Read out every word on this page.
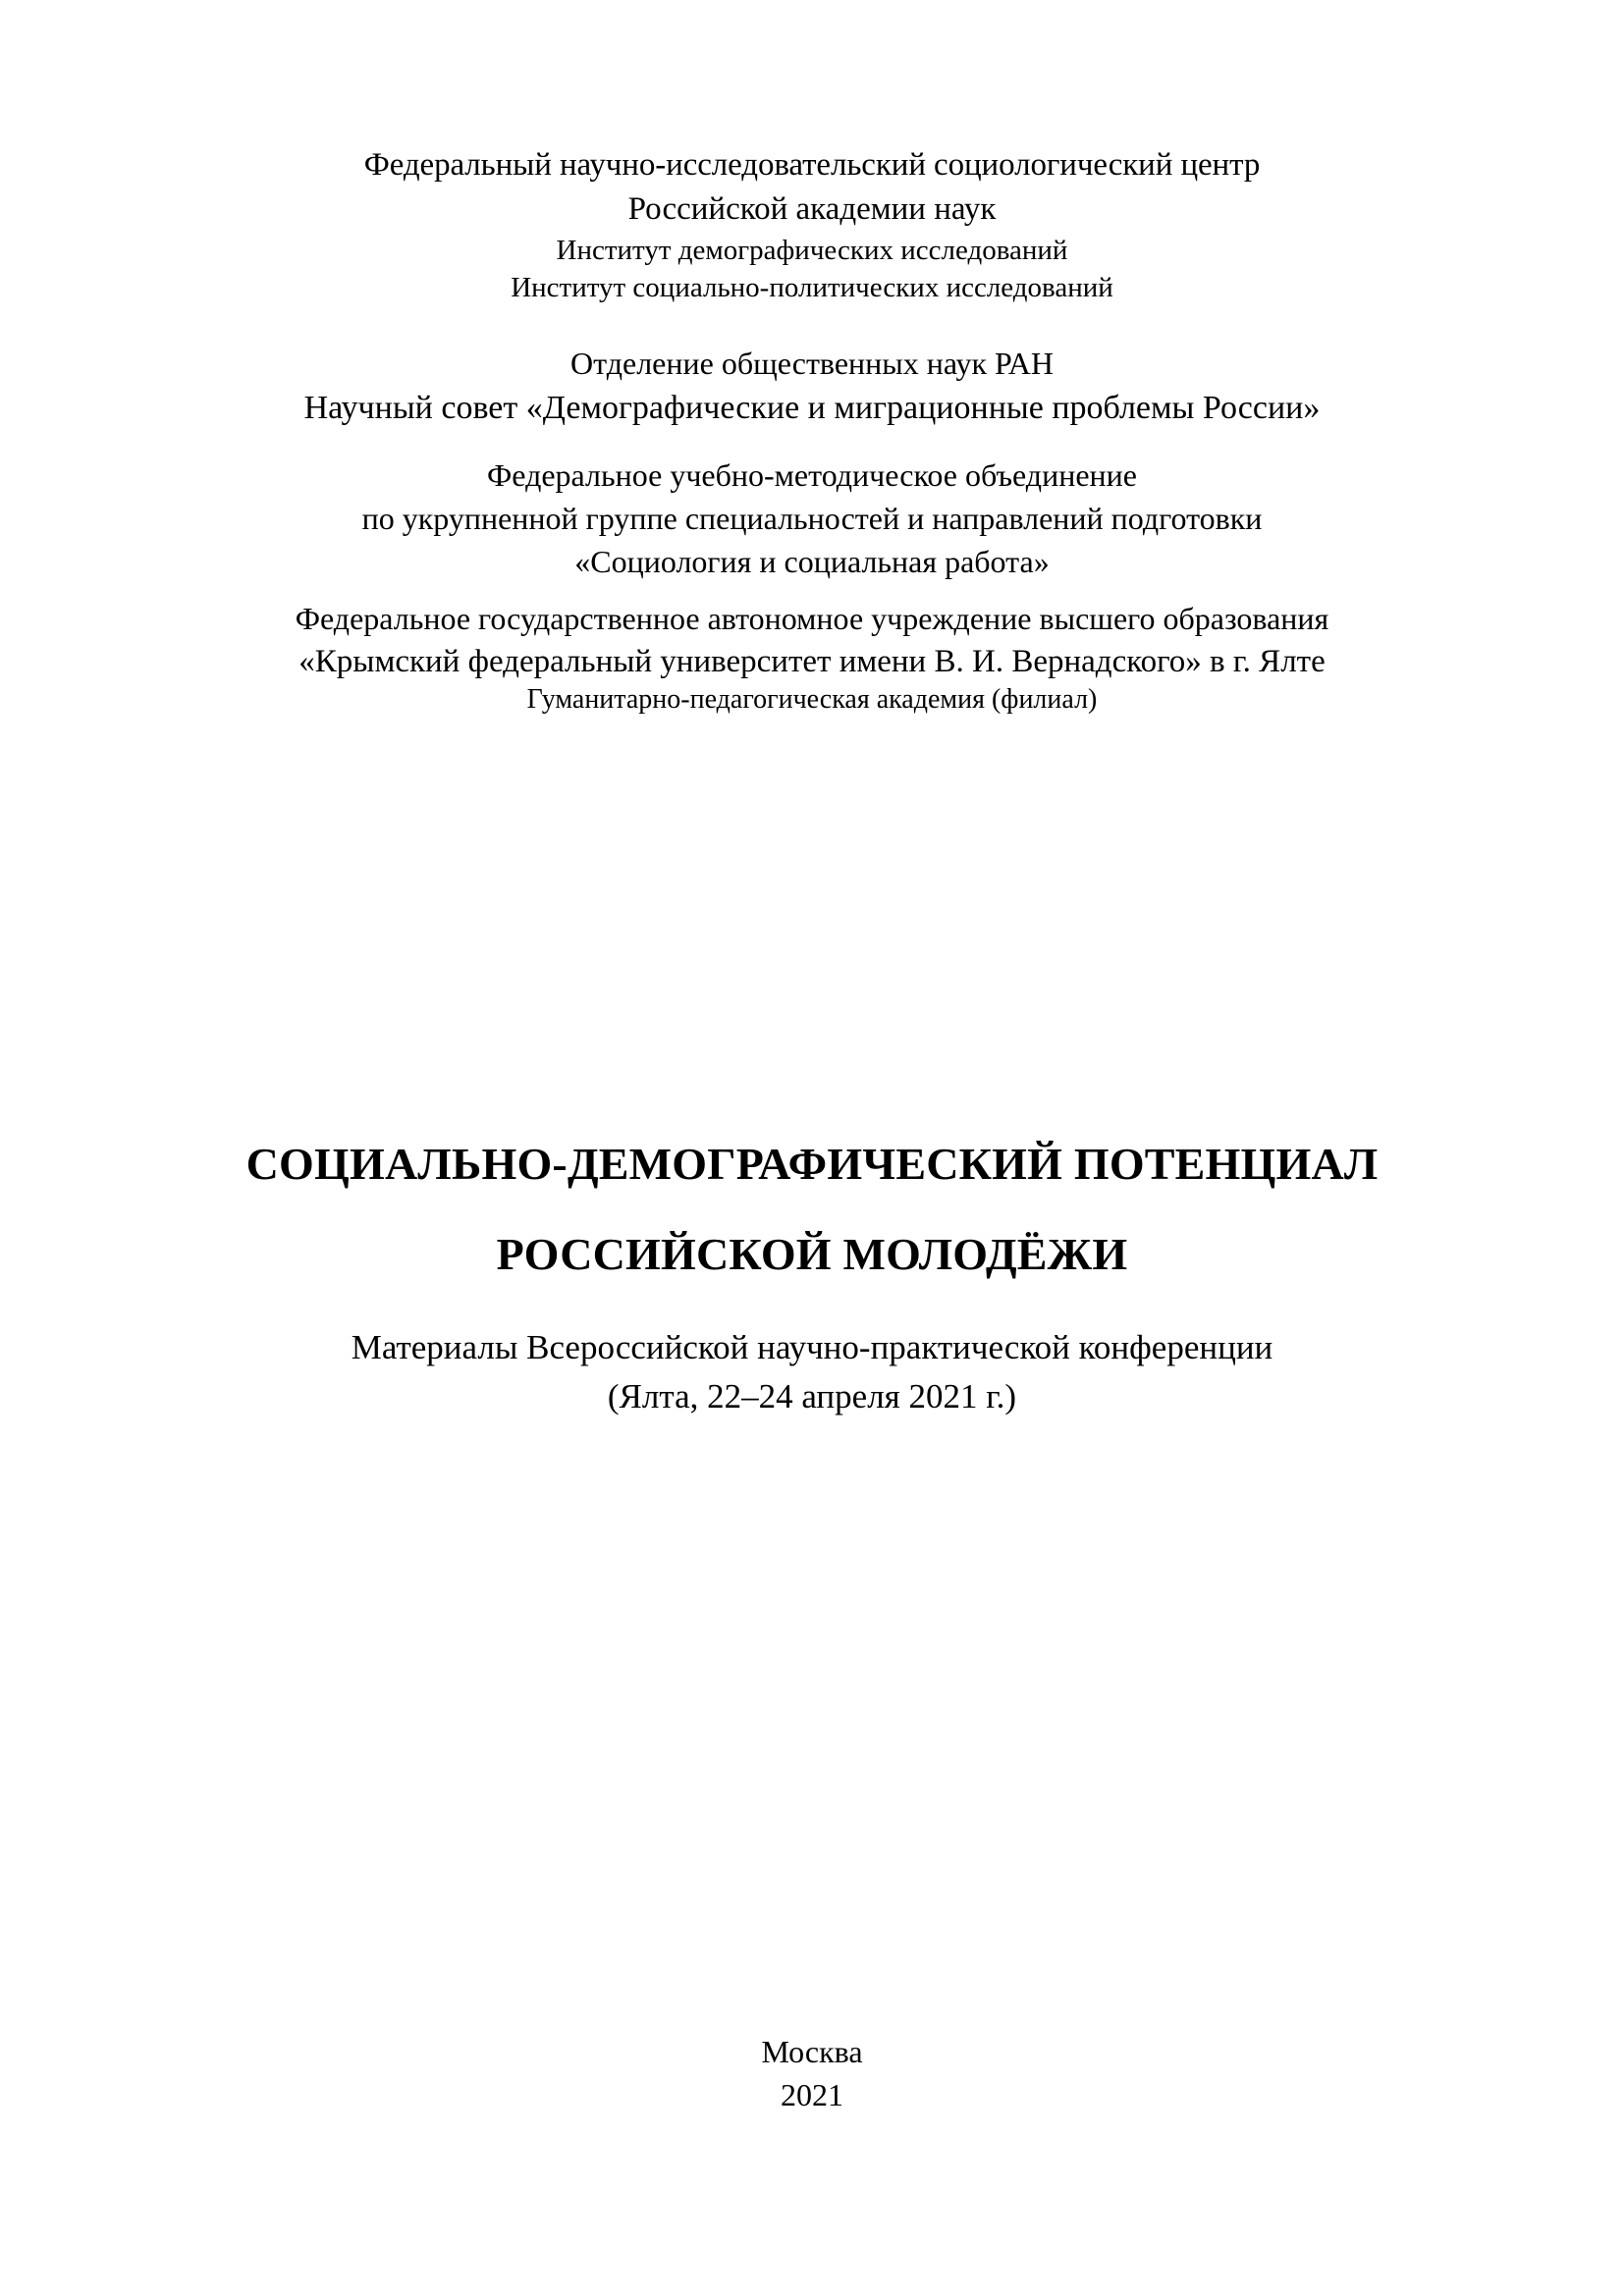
Федеральный научно-исследовательский социологический центр
Российской академии наук
Институт демографических исследований
Институт социально-политических исследований
Отделение общественных наук РАН
Научный совет «Демографические и миграционные проблемы России»
Федеральное учебно-методическое объединение
по укрупненной группе специальностей и направлений подготовки
«Социология и социальная работа»
Федеральное государственное автономное учреждение высшего образования
«Крымский федеральный университет имени В. И. Вернадского» в г. Ялте
Гуманитарно-педагогическая академия (филиал)
СОЦИАЛЬНО-ДЕМОГРАФИЧЕСКИЙ ПОТЕНЦИАЛ
РОССИЙСКОЙ МОЛОДЁЖИ
Материалы Всероссийской научно-практической конференции
(Ялта, 22–24 апреля 2021 г.)
Москва
2021
